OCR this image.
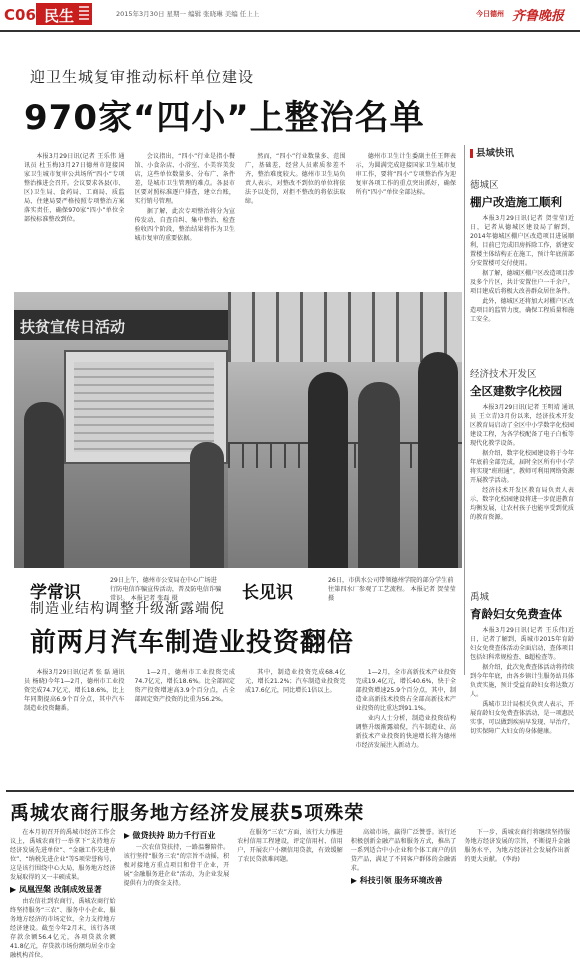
C06 民生	2015年3月30日 星期一 编辑 张晓琳 美编 任上上	今日德州 齐鲁晚报
迎卫生城复审推动标杆单位建设
970家“四小”上整治名单

本报3月29日讯(记者 王乐伟 通讯员 杜玉梅)3月27日德州市迎接国家卫生城市复审公共场所“四小”专项整治推进会召开。会议要求各县(市、区)卫生局、食药局、工商局、质监局、住建局要严格按照专项整治方案落实责任，确保970家“四小”单位全部按标准整改到位。

会议指出，“四小”行业是指小餐馆、小食杂店、小浴室、小美容美发店，这些单位数量多、分布广、条件差，是城市卫生管理的难点。各县市区要对照标准逐户排查，建立台账，实行销号管理。

据了解，此次专项整治将分为宣传发动、自查自纠、集中整治、检查验收四个阶段，整治结果将作为卫生城市复审的重要依据。

然而，“四小”行业数量多、范围广，基础差，经营人员素质参差不齐，整治难度较大。德州市卫生局负责人表示，对整改不到位的单位将依法予以处罚，对拒不整改的将依法取缔。

德州市卫生计生委副主任王辉表示，为圆满完成迎接国家卫生城市复审工作，要将“四小”专项整治作为迎复审各项工作的重点突出抓好，确保所有“四小”单位全部达标。

扶贫宣传日活动
学常识
29日上午，德州市公安局在中心广场进行防电信诈骗宣传活动，普及防电信诈骗常识。 本报记者 张磊 摄	长见识
26日，市供水公司带领德州学院的部分学生前往第四水厂参观了工艺流程。 本报记者 贺莹莹 摄
县域快讯
德城区
棚户改造施工顺利

本报3月29日讯(记者 贺莹莹)近日，记者从德城区建设局了解到，2014年德城区棚户区改造项目进展顺利，目前已完成旧房拆除工作，新建安置楼主体结构正在施工，预计年底前部分安置楼可交付使用。

据了解，德城区棚户区改造项目涉及多个片区，共计安置住户一千余户，项目建成后将极大改善群众居住条件。

此外，德城区还将加大对棚户区改造项目的监管力度，确保工程质量和施工安全。

经济技术开发区
全区建数字化校园

本报3月29日讯(记者 王明靖 通讯员 王立青)3月份以来，经济技术开发区教育局启动了全区中小学数字化校园建设工程，为各学校配备了电子白板等现代化教学设备。

据介绍，数字化校园建设将于今年年底前全部完成，届时全区所有中小学将实现“班班通”，教师可利用网络资源开展教学活动。

经济技术开发区教育局负责人表示，数字化校园建设将进一步促进教育均衡发展，让农村孩子也能享受到优质的教育资源。

禹城
育龄妇女免费查体

本报3月29日讯(记者 王乐伟)近日，记者了解到，禹城市2015年育龄妇女免费查体活动全面启动，查体项目包括妇科常规检查、B超检查等。

据介绍，此次免费查体活动将持续到今年年底，由各乡镇计生服务站具体负责实施，预计受益育龄妇女将达数万人。

禹城市卫计局相关负责人表示，开展育龄妇女免费查体活动，是一项惠民实事，可以做到疾病早发现、早治疗，切实保障广大妇女的身体健康。

制造业结构调整升级渐露端倪
前两月汽车制造业投资翻倍

本报3月29日讯(记者 张 磊 通讯员 杨晓)今年1—2月，德州市工业投资完成74.7亿元，增长18.6%，比上年同期提高6.9个百分点，其中汽车制造业投资翻番。

1—2月，德州市工业投资完成74.7亿元，增长18.6%。比全部固定资产投资增速高3.9个百分点，占全部固定资产投资的比重为56.2%。

其中，制造业投资完成68.4亿元，增长21.2%；汽车制造业投资完成17.6亿元，同比增长1倍以上。

1—2月，全市高新技术产业投资完成19.4亿元，增长40.6%，快于全部投资增速25.9个百分点，其中，制造业高新技术投资占全部高新技术产业投资的比重达到91.1%。

业内人士分析，制造业投资结构调整升级渐露端倪，汽车制造业、高新技术产业投资的快速增长将为德州市经济发展注入新动力。

禹城农商行服务地方经济发展获5项殊荣

在本月初召开的禹城市经济工作会议上，禹城农商行一举拿下“支持地方经济发展先进单位”、“金融工作先进单位”、“纳税先进企业”等5项荣誉称号，这是该行围绕中心大局，服务地方经济发展取得的又一丰硕成果。

▶ 凤凰涅槃 改制成效显著

由农信社到农商行，禹城农商行始终坚持服务“三农”、服务中小企业、服务地方经济的市场定位，全力支持地方经济建设。截至今年2月末，该行各项存款余额56.4亿元，各项贷款余额41.8亿元，存贷款市场份额均居全市金融机构首位。

▶ 做贷扶持 助力千行百业

一次农信贷扶持，一路温馨陪伴。该行坚持“服务三农”的宗旨不动摇，积极对接地方重点项目和骨干企业，开展“金融服务进企业”活动，为企业发展提供有力的资金支持。

在服务“三农”方面，该行大力推进农村信用工程建设，评定信用村、信用户，开展农户小额信用贷款，有效缓解了农民贷款难问题。

高端市场，赢得广泛赞誉。该行还积极创新金融产品和服务方式，推出了一系列适合中小企业和个体工商户的信贷产品，满足了不同客户群体的金融需求。

▶ 科技引领 服务环境改善

下一步，禹城农商行将继续坚持服务地方经济发展的宗旨，不断提升金融服务水平，为地方经济社会发展作出新的更大贡献。 (李海)
